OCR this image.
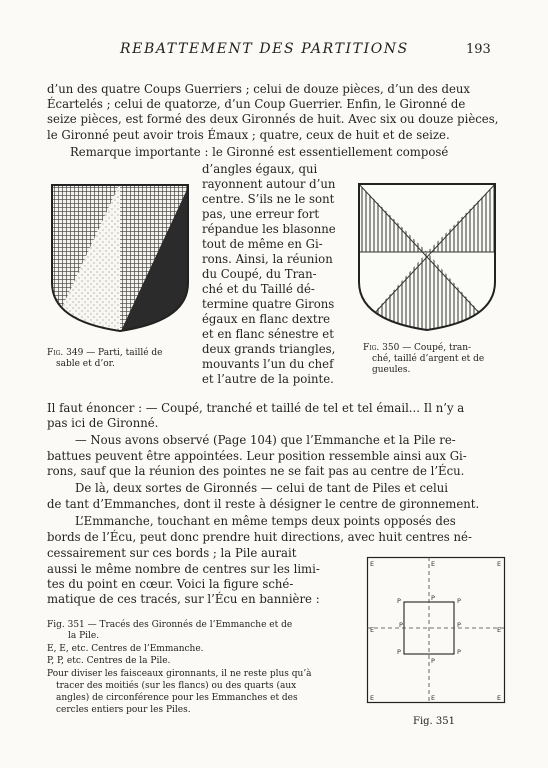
REBATTEMENT DES PARTITIONS	193

d’un des quatre Coups Guerriers ; celui de douze pièces, d’un des deux

Écartelés ; celui de quatorze, d’un Coup Guerrier. Enfin, le Gironné de

seize pièces, est formé des deux Gironnés de huit. Avec six ou douze pièces,

le Gironné peut avoir trois Émaux ; quatre, ceux de huit et de seize.

Remarque importante : le Gironné est essentiellement composé

d’angles égaux, qui

rayonnent autour d’un

centre. S’ils ne le sont

pas, une erreur fort

répandue les blasonne

tout de même en Gi-

rons. Ainsi, la réunion

du Coupé, du Tran-

ché et du Taillé dé-

termine quatre Girons

égaux en flanc dextre

et en flanc sénestre et

deux grands triangles,

mouvants l’un du chef

et l’autre de la pointe.

Fig. 349 — Parti, taillé de
sable et d’or.
Fig. 350 — Coupé, tran-
ché, taillé d’argent et de
gueules.

Il faut énoncer : — Coupé, tranché et taillé de tel et tel émail... Il n’y a

pas ici de Gironné.

— Nous avons observé (Page 104) que l’Emmanche et la Pile re-

battues peuvent être appointées. Leur position ressemble ainsi aux Gi-

rons, sauf que la réunion des pointes ne se fait pas au centre de l’Écu.

De là, deux sortes de Gironnés — celui de tant de Piles et celui

de tant d’Emmanches, dont il reste à désigner le centre de gironnement.

L’Emmanche, touchant en même temps deux points opposés des

bords de l’Écu, peut donc prendre huit directions, avec huit centres né-

cessairement sur ces bords ; la Pile aurait

aussi le même nombre de centres sur les limi-

tes du point en cœur. Voici la figure sché-

matique de ces tracés, sur l’Écu en bannière :

Fig. 351 — Tracés des Gironnés de l’Emmanche et de
la Pile.
E, E, etc. Centres de l’Emmanche.
P, P, etc. Centres de la Pile.
Pour diviser les faisceaux gironnants, il ne reste plus qu’à
tracer des moitiés (sur les flancs) ou des quarts (aux
angles) de circonférence pour les Emmanches et des
cercles entiers pour les Piles.
E	E	E
E	E
E	E	E
P	P	P
P	P
P
P
P
Fig. 351
